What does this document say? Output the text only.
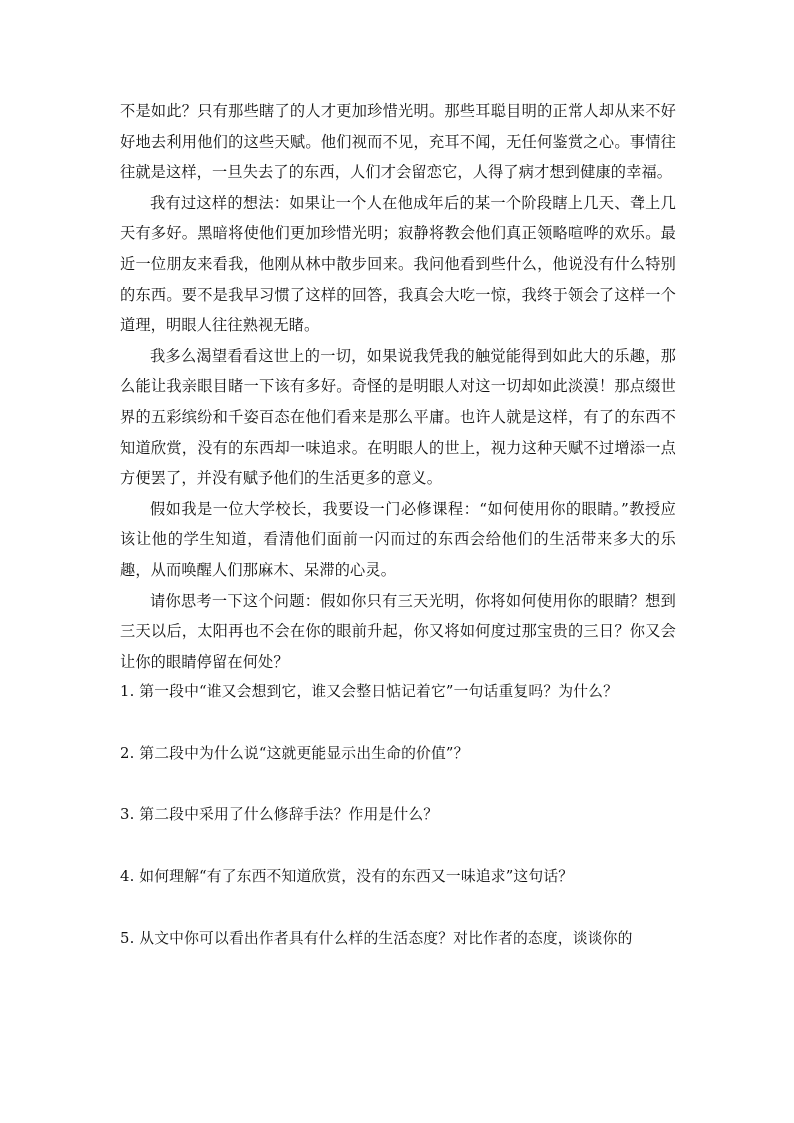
不是如此？只有那些瞎了的人才更加珍惜光明。那些耳聪目明的正常人却从来不好好地去利用他们的这些天赋。他们视而不见，充耳不闻，无任何鉴赏之心。事情往往就是这样，一旦失去了的东西，人们才会留恋它，人得了病才想到健康的幸福。

我有过这样的想法：如果让一个人在他成年后的某一个阶段瞎上几天、聋上几天有多好。黑暗将使他们更加珍惜光明；寂静将教会他们真正领略喧哗的欢乐。最近一位朋友来看我，他刚从林中散步回来。我问他看到些什么，他说没有什么特别的东西。要不是我早习惯了这样的回答，我真会大吃一惊，我终于领会了这样一个道理，明眼人往往熟视无睹。

我多么渴望看看这世上的一切，如果说我凭我的触觉能得到如此大的乐趣，那么能让我亲眼目睹一下该有多好。奇怪的是明眼人对这一切却如此淡漠！那点缀世界的五彩缤纷和千姿百态在他们看来是那么平庸。也许人就是这样，有了的东西不知道欣赏，没有的东西却一味追求。在明眼人的世上，视力这种天赋不过增添一点方便罢了，并没有赋予他们的生活更多的意义。

假如我是一位大学校长，我要设一门必修课程：“如何使用你的眼睛。”教授应该让他的学生知道，看清他们面前一闪而过的东西会给他们的生活带来多大的乐趣，从而唤醒人们那麻木、呆滞的心灵。

请你思考一下这个问题：假如你只有三天光明，你将如何使用你的眼睛？想到三天以后，太阳再也不会在你的眼前升起，你又将如何度过那宝贵的三日？你又会让你的眼睛停留在何处？

1. 第一段中“谁又会想到它，谁又会整日惦记着它”一句话重复吗？为什么？

2. 第二段中为什么说“这就更能显示出生命的价值”？

3. 第二段中采用了什么修辞手法？作用是什么？

4. 如何理解“有了东西不知道欣赏，没有的东西又一味追求”这句话？

5. 从文中你可以看出作者具有什么样的生活态度？对比作者的态度，谈谈你的
